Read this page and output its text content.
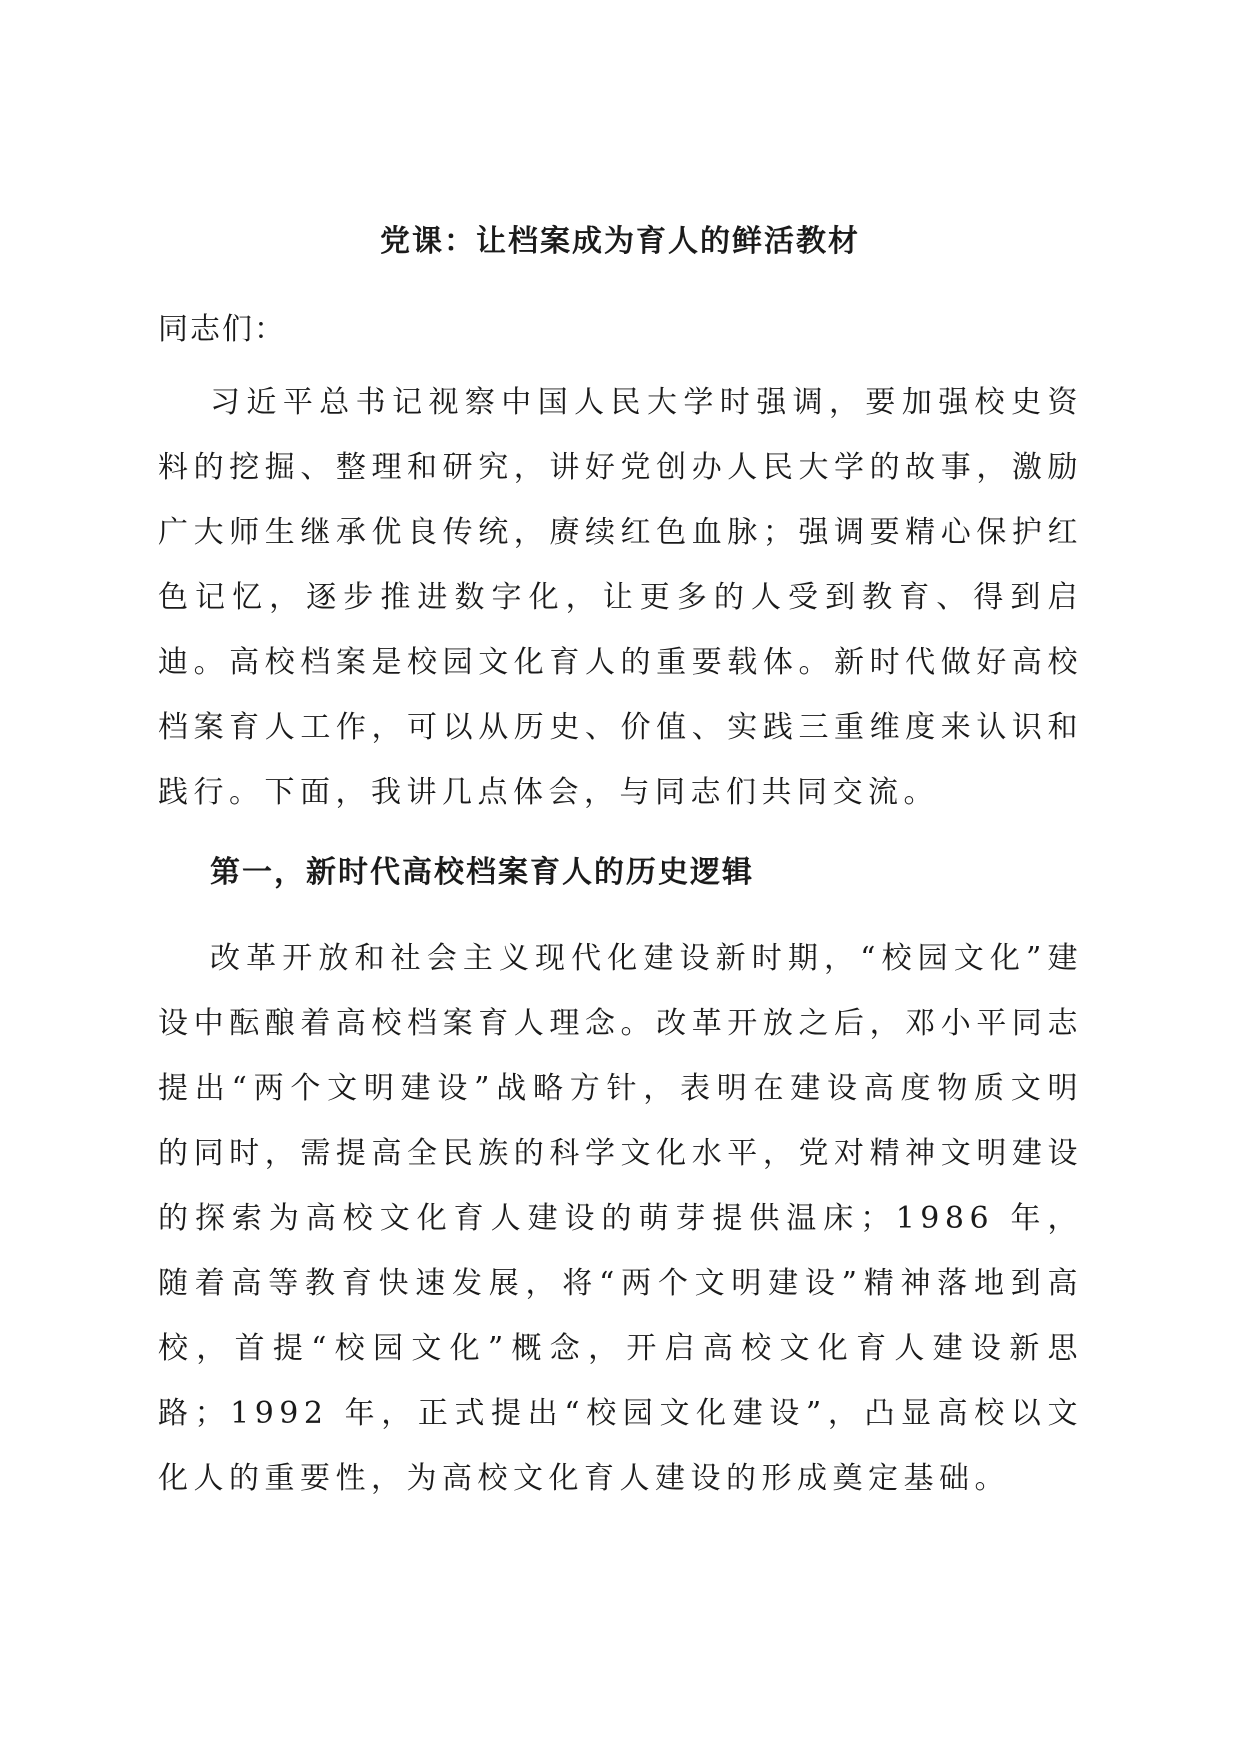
党课：让档案成为育人的鲜活教材

同志们：

习近平总书记视察中国人民大学时强调，要加强校史资料的挖掘、整理和研究，讲好党创办人民大学的故事，激励广大师生继承优良传统，赓续红色血脉；强调要精心保护红色记忆，逐步推进数字化，让更多的人受到教育、得到启迪。高校档案是校园文化育人的重要载体。新时代做好高校档案育人工作，可以从历史、价值、实践三重维度来认识和践行。下面，我讲几点体会，与同志们共同交流。

第一，新时代高校档案育人的历史逻辑

改革开放和社会主义现代化建设新时期，“校园文化”建设中酝酿着高校档案育人理念。改革开放之后，邓小平同志提出“两个文明建设”战略方针，表明在建设高度物质文明的同时，需提高全民族的科学文化水平，党对精神文明建设的探索为高校文化育人建设的萌芽提供温床；1986 年，随着高等教育快速发展，将“两个文明建设”精神落地到高校，首提“校园文化”概念，开启高校文化育人建设新思路；1992 年，正式提出“校园文化建设”，凸显高校以文化人的重要性，为高校文化育人建设的形成奠定基础。
